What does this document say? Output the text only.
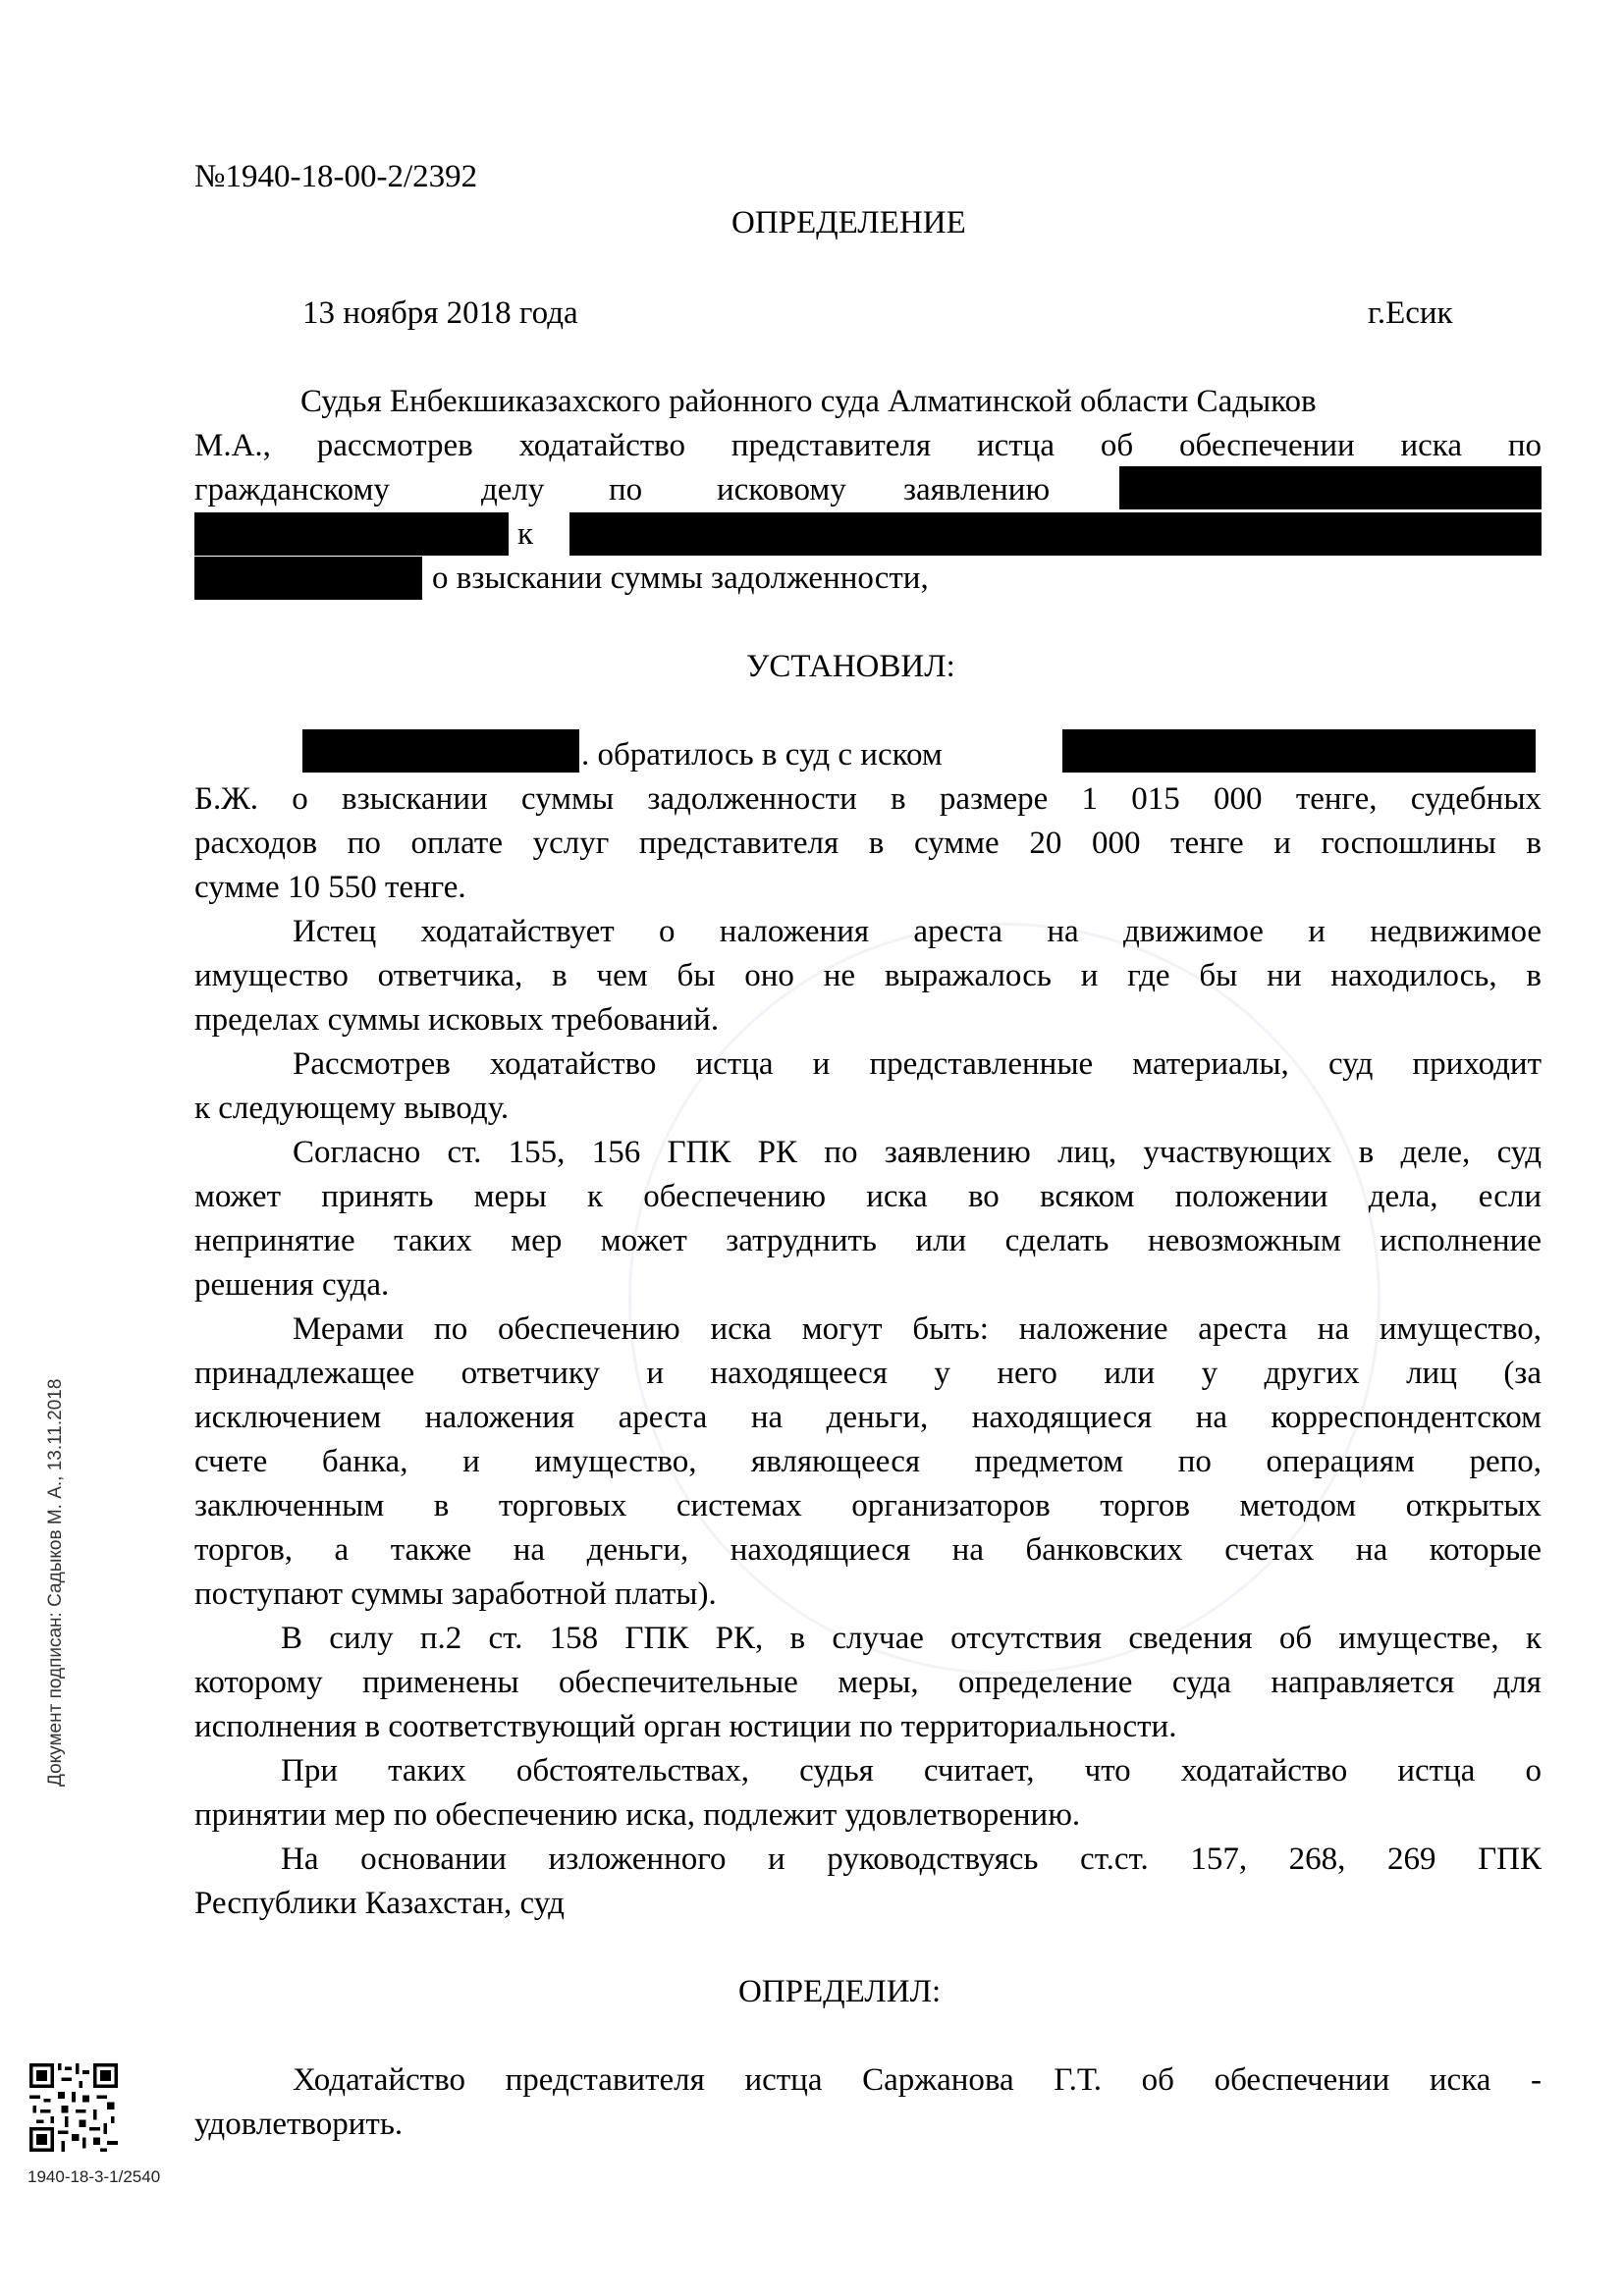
№1940-18-00-2/2392
ОПРЕДЕЛЕНИЕ
13 ноября 2018 года	г.Есик
Судья Енбекшиказахского районного суда Алматинской области Садыков
М.А., рассмотрев ходатайство представителя истца об обеспечении иска по
гражданскому	делу по исковому заявлению
к
о взыскании суммы задолженности,
УСТАНОВИЛ:
. обратилось в суд с иском
Б.Ж. о взыскании суммы задолженности в размере 1 015 000 тенге, судебных
расходов по оплате услуг представителя в сумме 20 000 тенге и госпошлины в
сумме 10 550 тенге.
Истец ходатайствует о наложения ареста на движимое и недвижимое
имущество ответчика, в чем бы оно не выражалось и где бы ни находилось, в
пределах суммы исковых требований.
Рассмотрев ходатайство истца и представленные материалы, суд приходит
к следующему выводу.
Согласно ст. 155, 156 ГПК РК по заявлению лиц, участвующих в деле, суд
может принять меры к обеспечению иска во всяком положении дела, если
непринятие таких мер может затруднить или сделать невозможным исполнение
решения суда.
Мерами по обеспечению иска могут быть: наложение ареста на имущество,
принадлежащее ответчику и находящееся у него или у других лиц (за
исключением наложения ареста на деньги, находящиеся на корреспондентском
счете банка, и имущество, являющееся предметом по операциям репо,
заключенным в торговых системах организаторов торгов методом открытых
торгов, а также на деньги, находящиеся на банковских счетах на которые
поступают суммы заработной платы).
В силу п.2 ст. 158 ГПК РК, в случае отсутствия сведения об имуществе, к
которому применены обеспечительные меры, определение суда направляется для
исполнения в соответствующий орган юстиции по территориальности.
При таких обстоятельствах, судья считает, что ходатайство истца о
принятии мер по обеспечению иска, подлежит удовлетворению.
На основании изложенного и руководствуясь ст.ст. 157, 268, 269 ГПК
Республики Казахстан, суд
ОПРЕДЕЛИЛ:
Ходатайство представителя истца Саржанова Г.Т. об обеспечении иска -
удовлетворить.
Документ подписан: Садыков М. А., 13.11.2018
1940-18-3-1/2540
